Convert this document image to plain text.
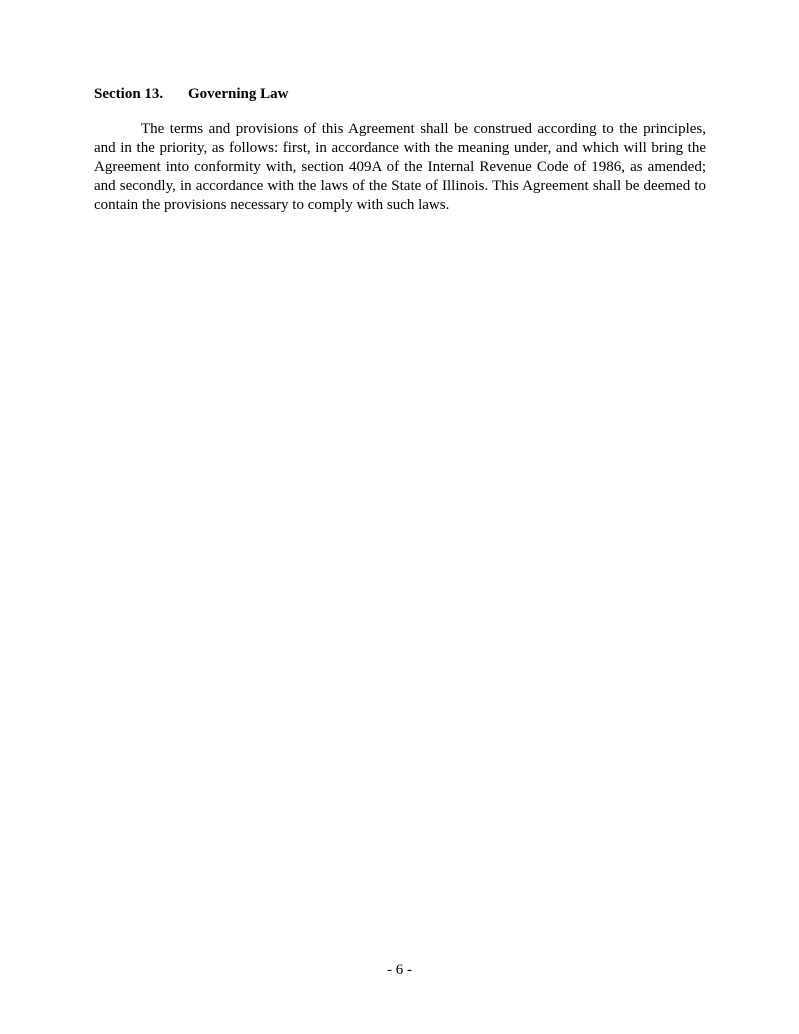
Section 13. Governing Law

The terms and provisions of this Agreement shall be construed according to the principles, and in the priority, as follows: first, in accordance with the meaning under, and which will bring the Agreement into conformity with, section 409A of the Internal Revenue Code of 1986, as amended; and secondly, in accordance with the laws of the State of Illinois. This Agreement shall be deemed to contain the provisions necessary to comply with such laws.

- 6 -
